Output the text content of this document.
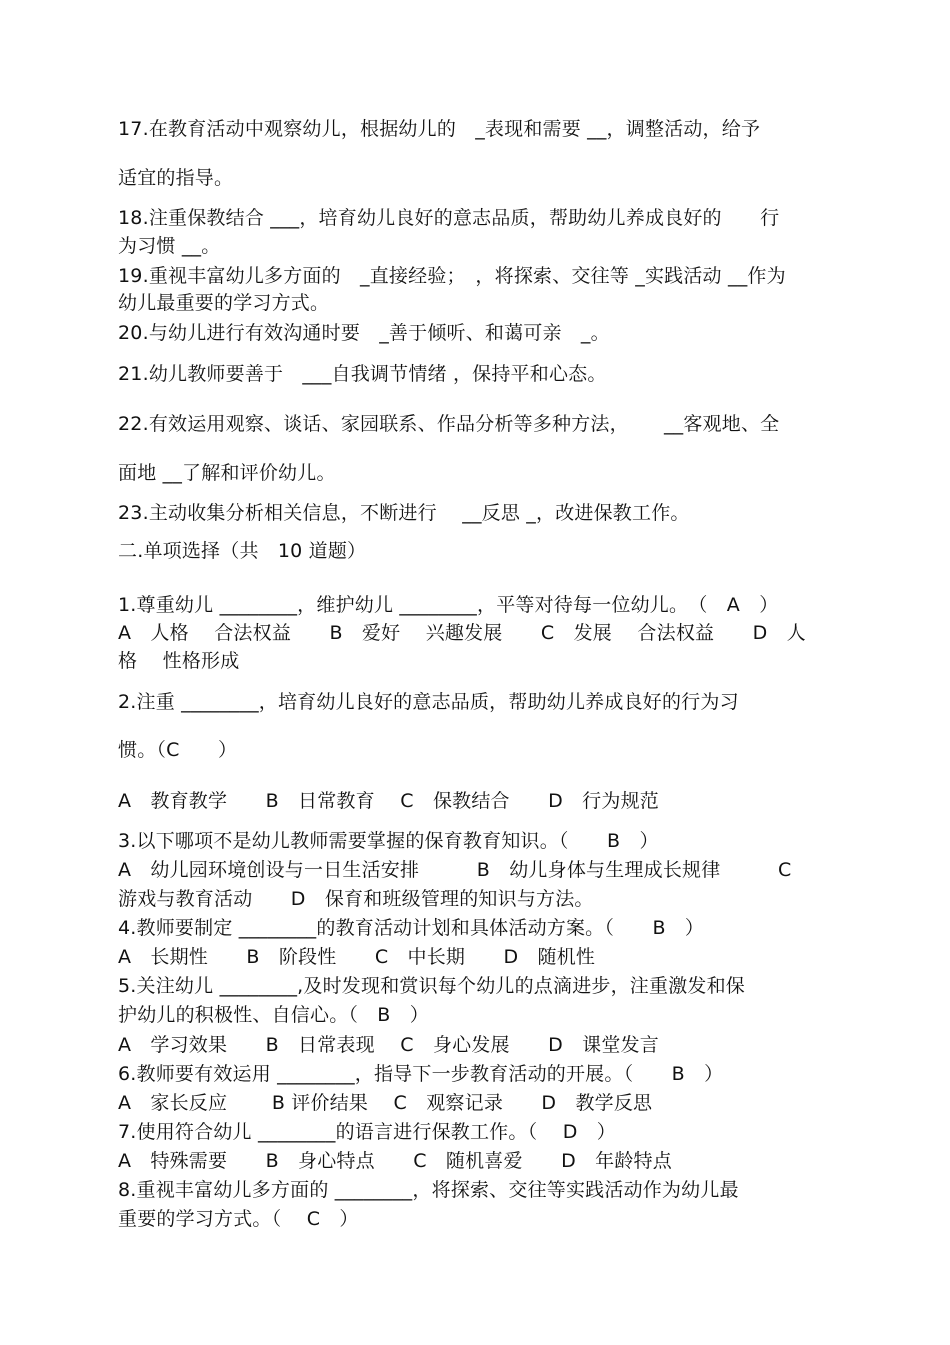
17.在教育活动中观察幼儿，根据幼儿的　_表现和需要 __，调整活动，给予
适宜的指导。
18.注重保教结合 ___，培育幼儿良好的意志品质，帮助幼儿养成良好的　　行
为习惯 __。
19.重视丰富幼儿多方面的　_直接经验；　，将探索、交往等 _实践活动 __作为
幼儿最重要的学习方式。
20.与幼儿进行有效沟通时要　_善于倾听、和蔼可亲　_。
21.幼儿教师要善于　___自我调节情绪 ，保持平和心态。
22.有效运用观察、谈话、家园联系、作品分析等多种方法，　　 __客观地、全
面地 __了解和评价幼儿。
23.主动收集分析相关信息，不断进行　 __反思 _，改进保教工作。
二.单项选择（共　10 道题）
1.尊重幼儿 ________，维护幼儿 ________，平等对待每一位幼儿。　（　A　）
A　人格　 合法权益　　B　爱好　 兴趣发展　　C　发展　 合法权益　　D　人
格　 性格形成
2.注重 ________，培育幼儿良好的意志品质，帮助幼儿养成良好的行为习
惯。（C　　）
A　教育教学　　B　日常教育　 C　保教结合　　D　行为规范
3.以下哪项不是幼儿教师需要掌握的保育教育知识。（　　B　）
A　幼儿园环境创设与一日生活安排　　　B　幼儿身体与生理成长规律　　　C
游戏与教育活动　　D　保育和班级管理的知识与方法。
4.教师要制定 ________的教育活动计划和具体活动方案。（　　B　）
A　长期性　　B　阶段性　　C　中长期　　D　随机性
5.关注幼儿 ________,及时发现和赏识每个幼儿的点滴进步，注重激发和保
护幼儿的积极性、自信心。（　B　）
A　学习效果　　B　日常表现　 C　身心发展　　D　课堂发言
6.教师要有效运用 ________，指导下一步教育活动的开展。（　　B　）
A　家长反应　　 B 评价结果　 C　观察记录　　D　教学反思
7.使用符合幼儿 ________的语言进行保教工作。（　 D　）
A　特殊需要　　B　身心特点　　C　随机喜爱　　D　年龄特点
8.重视丰富幼儿多方面的 ________，将探索、交往等实践活动作为幼儿最
重要的学习方式。（　 C　）
